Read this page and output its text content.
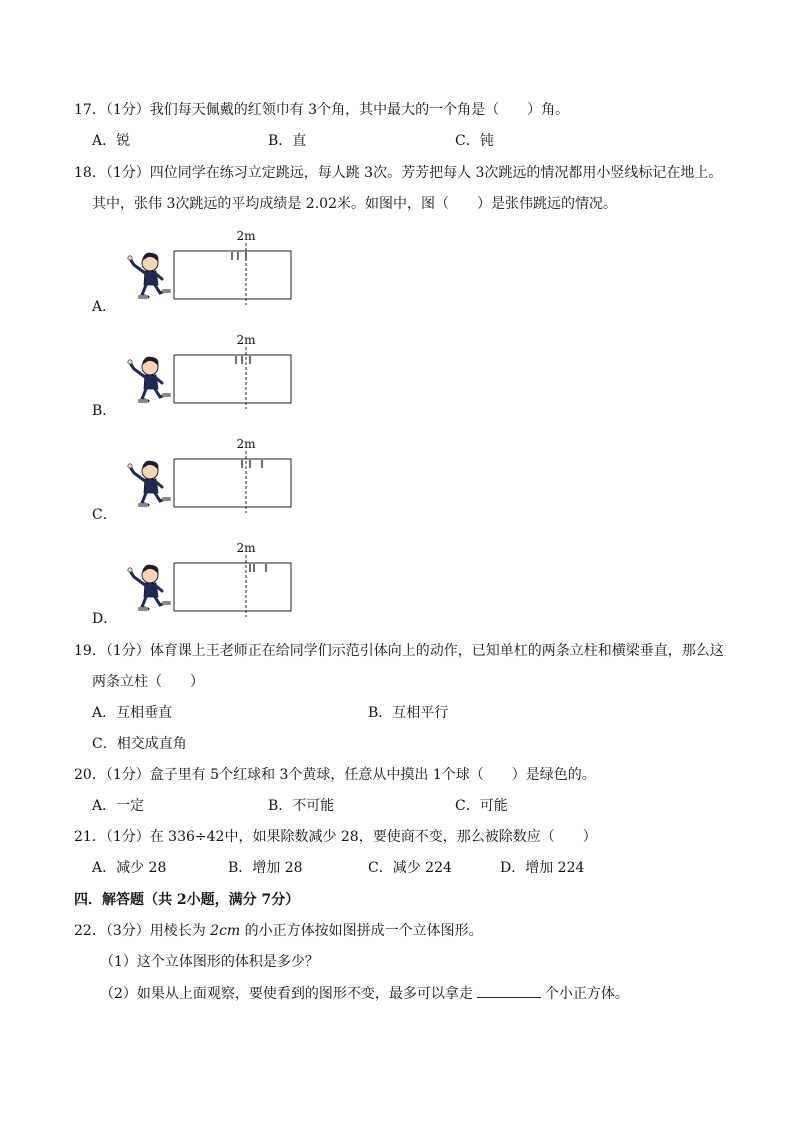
17．（1分）我们每天佩戴的红领巾有 3个角，其中最大的一个角是（　　）角。
A．锐	B．直	C．钝
18．（1分）四位同学在练习立定跳远，每人跳 3次。芳芳把每人 3次跳远的情况都用小竖线标记在地上。
其中，张伟 3次跳远的平均成绩是 2.02米。如图中，图（　　）是张伟跳远的情况。
2m
A．
2m
B．
2m
C．
2m
D．
19．（1分）体育课上王老师正在给同学们示范引体向上的动作，已知单杠的两条立柱和横梁垂直，那么这
两条立柱（　　）
A．互相垂直	B．互相平行
C．相交成直角
20．（1分）盒子里有 5个红球和 3个黄球，任意从中摸出 1个球（　　）是绿色的。
A．一定	B．不可能	C．可能
21．（1分）在 336÷42中，如果除数减少 28，要使商不变，那么被除数应（　　）
A．减少 28	B．增加 28	C．减少 224	D．增加 224
四．解答题（共 2小题，满分 7分）
22．（3分）用棱长为 2cm 的小正方体按如图拼成一个立体图形。
（1）这个立体图形的体积是多少？
（2）如果从上面观察，要使看到的图形不变，最多可以拿走	个小正方体。
